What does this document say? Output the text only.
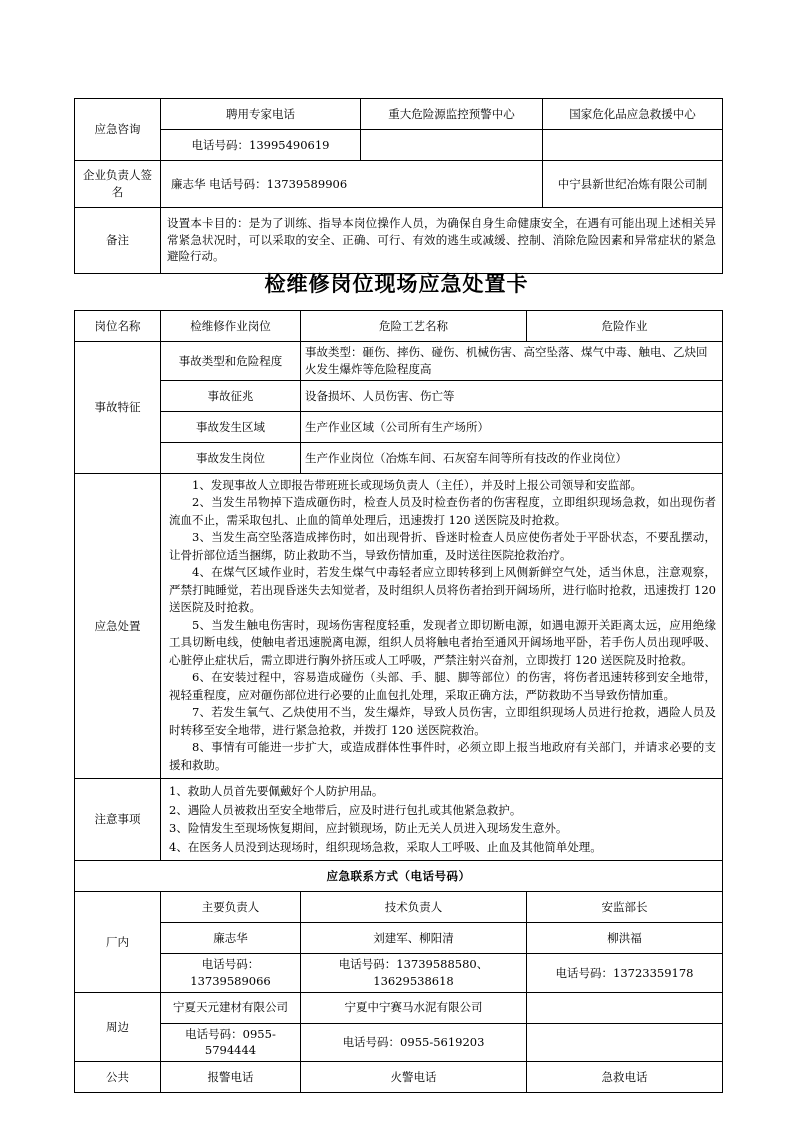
应急咨询	聘用专家电话	重大危险源监控预警中心	国家危化品应急救援中心
	电话号码：13995490619		
企业负责人签名	廉志华 电话号码：13739589906		中宁县新世纪冶炼有限公司制
备注	设置本卡目的：是为了训练、指导本岗位操作人员，为确保自身生命健康安全，在遇有可能出现上述相关异常紧急状况时，可以采取的安全、正确、可行、有效的逃生或减缓、控制、消除危险因素和异常症状的紧急避险行动。		
检维修岗位现场应急处置卡
岗位名称	检维修作业岗位	危险工艺名称	危险作业
事故特征	事故类型和危险程度	事故类型：砸伤、摔伤、碰伤、机械伤害、高空坠落、煤气中毒、触电、乙炔回火发生爆炸等危险程度高	
	事故征兆	设备损坏、人员伤害、伤亡等	
	事故发生区域	生产作业区域（公司所有生产场所）	
	事故发生岗位	生产作业岗位（冶炼车间、石灰窑车间等所有技改的作业岗位）	
应急处置	

1、发现事故人立即报告带班班长或现场负责人（主任），并及时上报公司领导和安监部。

2、当发生吊物掉下造成砸伤时，检查人员及时检查伤者的伤害程度，立即组织现场急救，如出现伤者流血不止，需采取包扎、止血的简单处理后，迅速拨打 120 送医院及时抢救。

3、当发生高空坠落造成摔伤时，如出现骨折、昏迷时检查人员应使伤者处于平卧状态，不要乱摆动，让骨折部位适当捆绑，防止救助不当，导致伤情加重，及时送往医院抢救治疗。

4、在煤气区域作业时，若发生煤气中毒轻者应立即转移到上风侧新鲜空气处，适当休息，注意观察，严禁打盹睡觉，若出现昏迷失去知觉者，及时组织人员将伤者抬到开阔场所，进行临时抢救，迅速拨打 120 送医院及时抢救。

5、当发生触电伤害时，现场伤害程度轻重，发现者立即切断电源，如遇电源开关距离太远，应用绝缘工具切断电线，使触电者迅速脱离电源，组织人员将触电者抬至通风开阔场地平卧，若手伤人员出现呼吸、心脏停止症状后，需立即进行胸外挤压或人工呼吸，严禁注射兴奋剂，立即拨打 120 送医院及时抢救。

6、在安装过程中，容易造成碰伤（头部、手、腿、脚等部位）的伤害，将伤者迅速转移到安全地带，视轻重程度，应对砸伤部位进行必要的止血包扎处理，采取正确方法，严防救助不当导致伤情加重。

7、若发生氧气、乙炔使用不当，发生爆炸，导致人员伤害，立即组织现场人员进行抢救，遇险人员及时转移至安全地带，进行紧急抢救，并拨打 120 送医院救治。

8、事情有可能进一步扩大，或造成群体性事件时，必须立即上报当地政府有关部门，并请求必要的支援和救助。

注意事项	1、救助人员首先要佩戴好个人防护用品。

2、遇险人员被救出至安全地带后，应及时进行包扎或其他紧急救护。

3、险情发生至现场恢复期间，应封锁现场，防止无关人员进入现场发生意外。

4、在医务人员没到达现场时，组织现场急救，采取人工呼吸、止血及其他简单处理。		

应急联系方式（电话号码）			
厂内	主要负责人	技术负责人	安监部长
	廉志华	刘建军、柳阳清	柳洪福
	电话号码：13739589066	电话号码：13739588580、13629538618	电话号码：13723359178
周边	宁夏天元建材有限公司	宁夏中宁赛马水泥有限公司	
	电话号码：0955-5794444	电话号码：0955-5619203	
公共	报警电话	火警电话	急救电话
